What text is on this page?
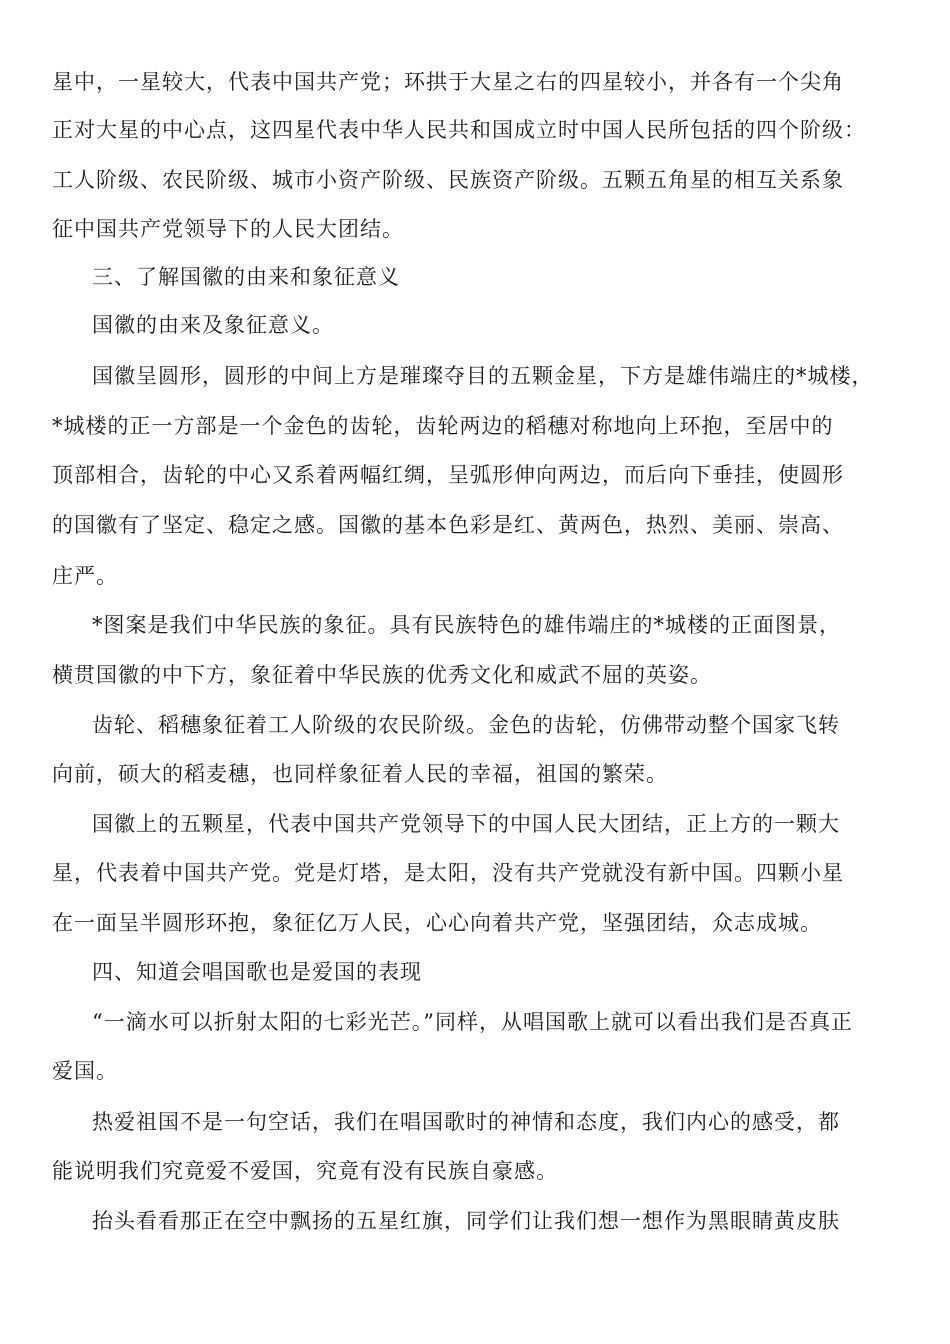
星中，一星较大，代表中国共产党；环拱于大星之右的四星较小，并各有一个尖角
正对大星的中心点，这四星代表中华人民共和国成立时中国人民所包括的四个阶级：
工人阶级、农民阶级、城市小资产阶级、民族资产阶级。五颗五角星的相互关系象
征中国共产党领导下的人民大团结。
三、了解国徽的由来和象征意义
国徽的由来及象征意义。
国徽呈圆形，圆形的中间上方是璀璨夺目的五颗金星，下方是雄伟端庄的*城楼，
*城楼的正一方部是一个金色的齿轮，齿轮两边的稻穗对称地向上环抱，至居中的
顶部相合，齿轮的中心又系着两幅红绸，呈弧形伸向两边，而后向下垂挂，使圆形
的国徽有了坚定、稳定之感。国徽的基本色彩是红、黄两色，热烈、美丽、崇高、
庄严。
*图案是我们中华民族的象征。具有民族特色的雄伟端庄的*城楼的正面图景，
横贯国徽的中下方，象征着中华民族的优秀文化和威武不屈的英姿。
齿轮、稻穗象征着工人阶级的农民阶级。金色的齿轮，仿佛带动整个国家飞转
向前，硕大的稻麦穗，也同样象征着人民的幸福，祖国的繁荣。
国徽上的五颗星，代表中国共产党领导下的中国人民大团结，正上方的一颗大
星，代表着中国共产党。党是灯塔，是太阳，没有共产党就没有新中国。四颗小星
在一面呈半圆形环抱，象征亿万人民，心心向着共产党，坚强团结，众志成城。
四、知道会唱国歌也是爱国的表现
“一滴水可以折射太阳的七彩光芒。”同样，从唱国歌上就可以看出我们是否真正
爱国。
热爱祖国不是一句空话，我们在唱国歌时的神情和态度，我们内心的感受，都
能说明我们究竟爱不爱国，究竟有没有民族自豪感。
抬头看看那正在空中飘扬的五星红旗，同学们让我们想一想作为黑眼睛黄皮肤
